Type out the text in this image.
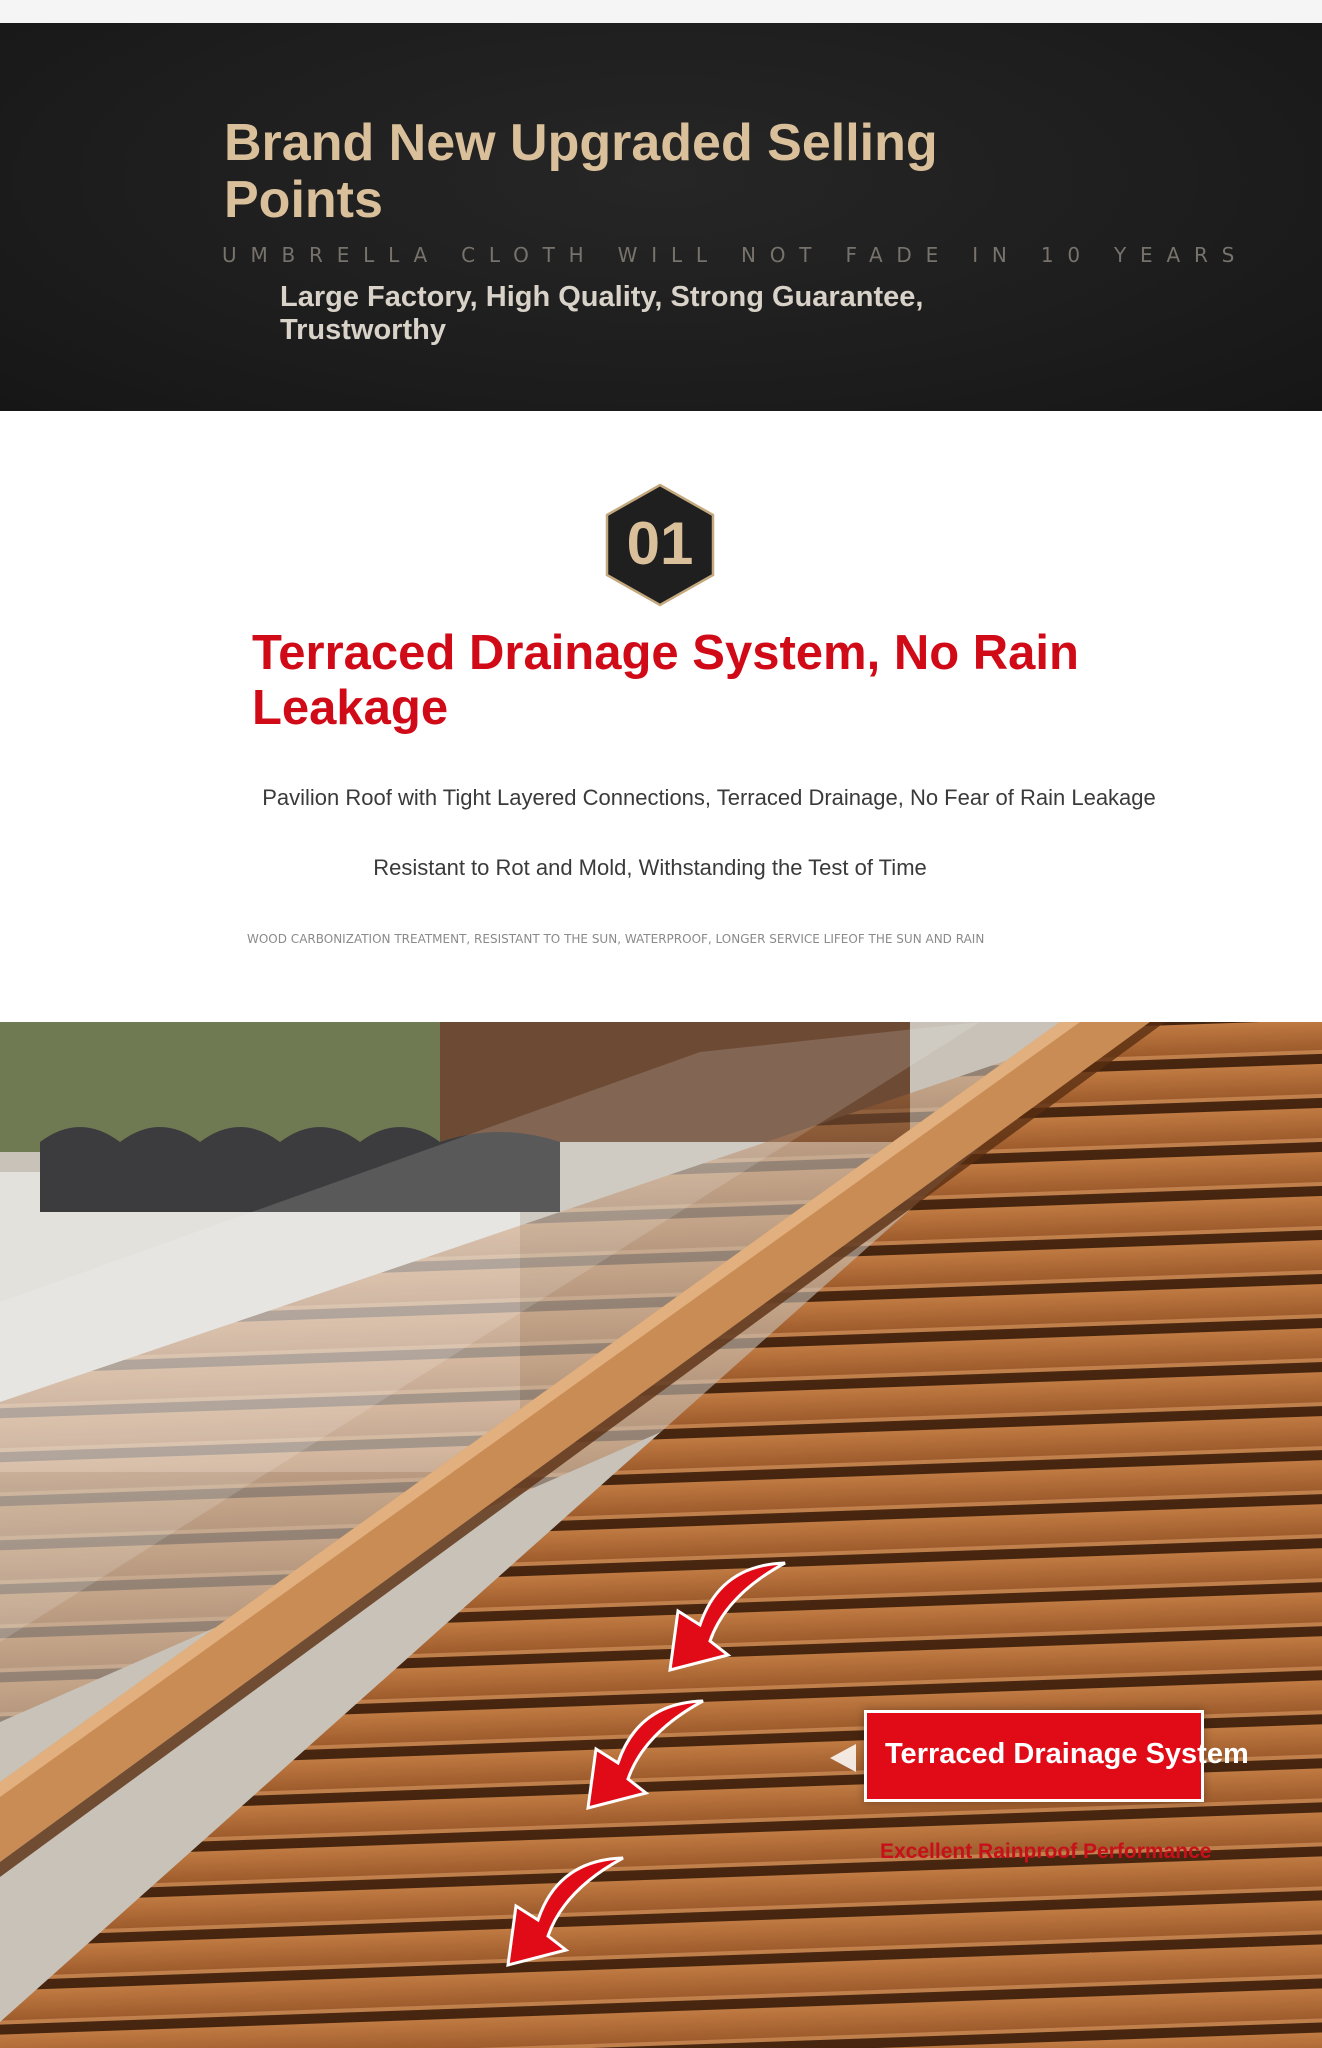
Brand New Upgraded Selling Points
UMBRELLA CLOTH WILL NOT FADE IN 10 YEARS
Large Factory, High Quality, Strong Guarantee, Trustworthy
01
Terraced Drainage System, No Rain Leakage
Pavilion Roof with Tight Layered Connections, Terraced Drainage, No Fear of Rain Leakage
Resistant to Rot and Mold, Withstanding the Test of Time
WOOD CARBONIZATION TREATMENT, RESISTANT TO THE SUN, WATERPROOF, LONGER SERVICE LIFEOF THE SUN AND RAIN
Terraced Drainage System
Excellent Rainproof Performance
